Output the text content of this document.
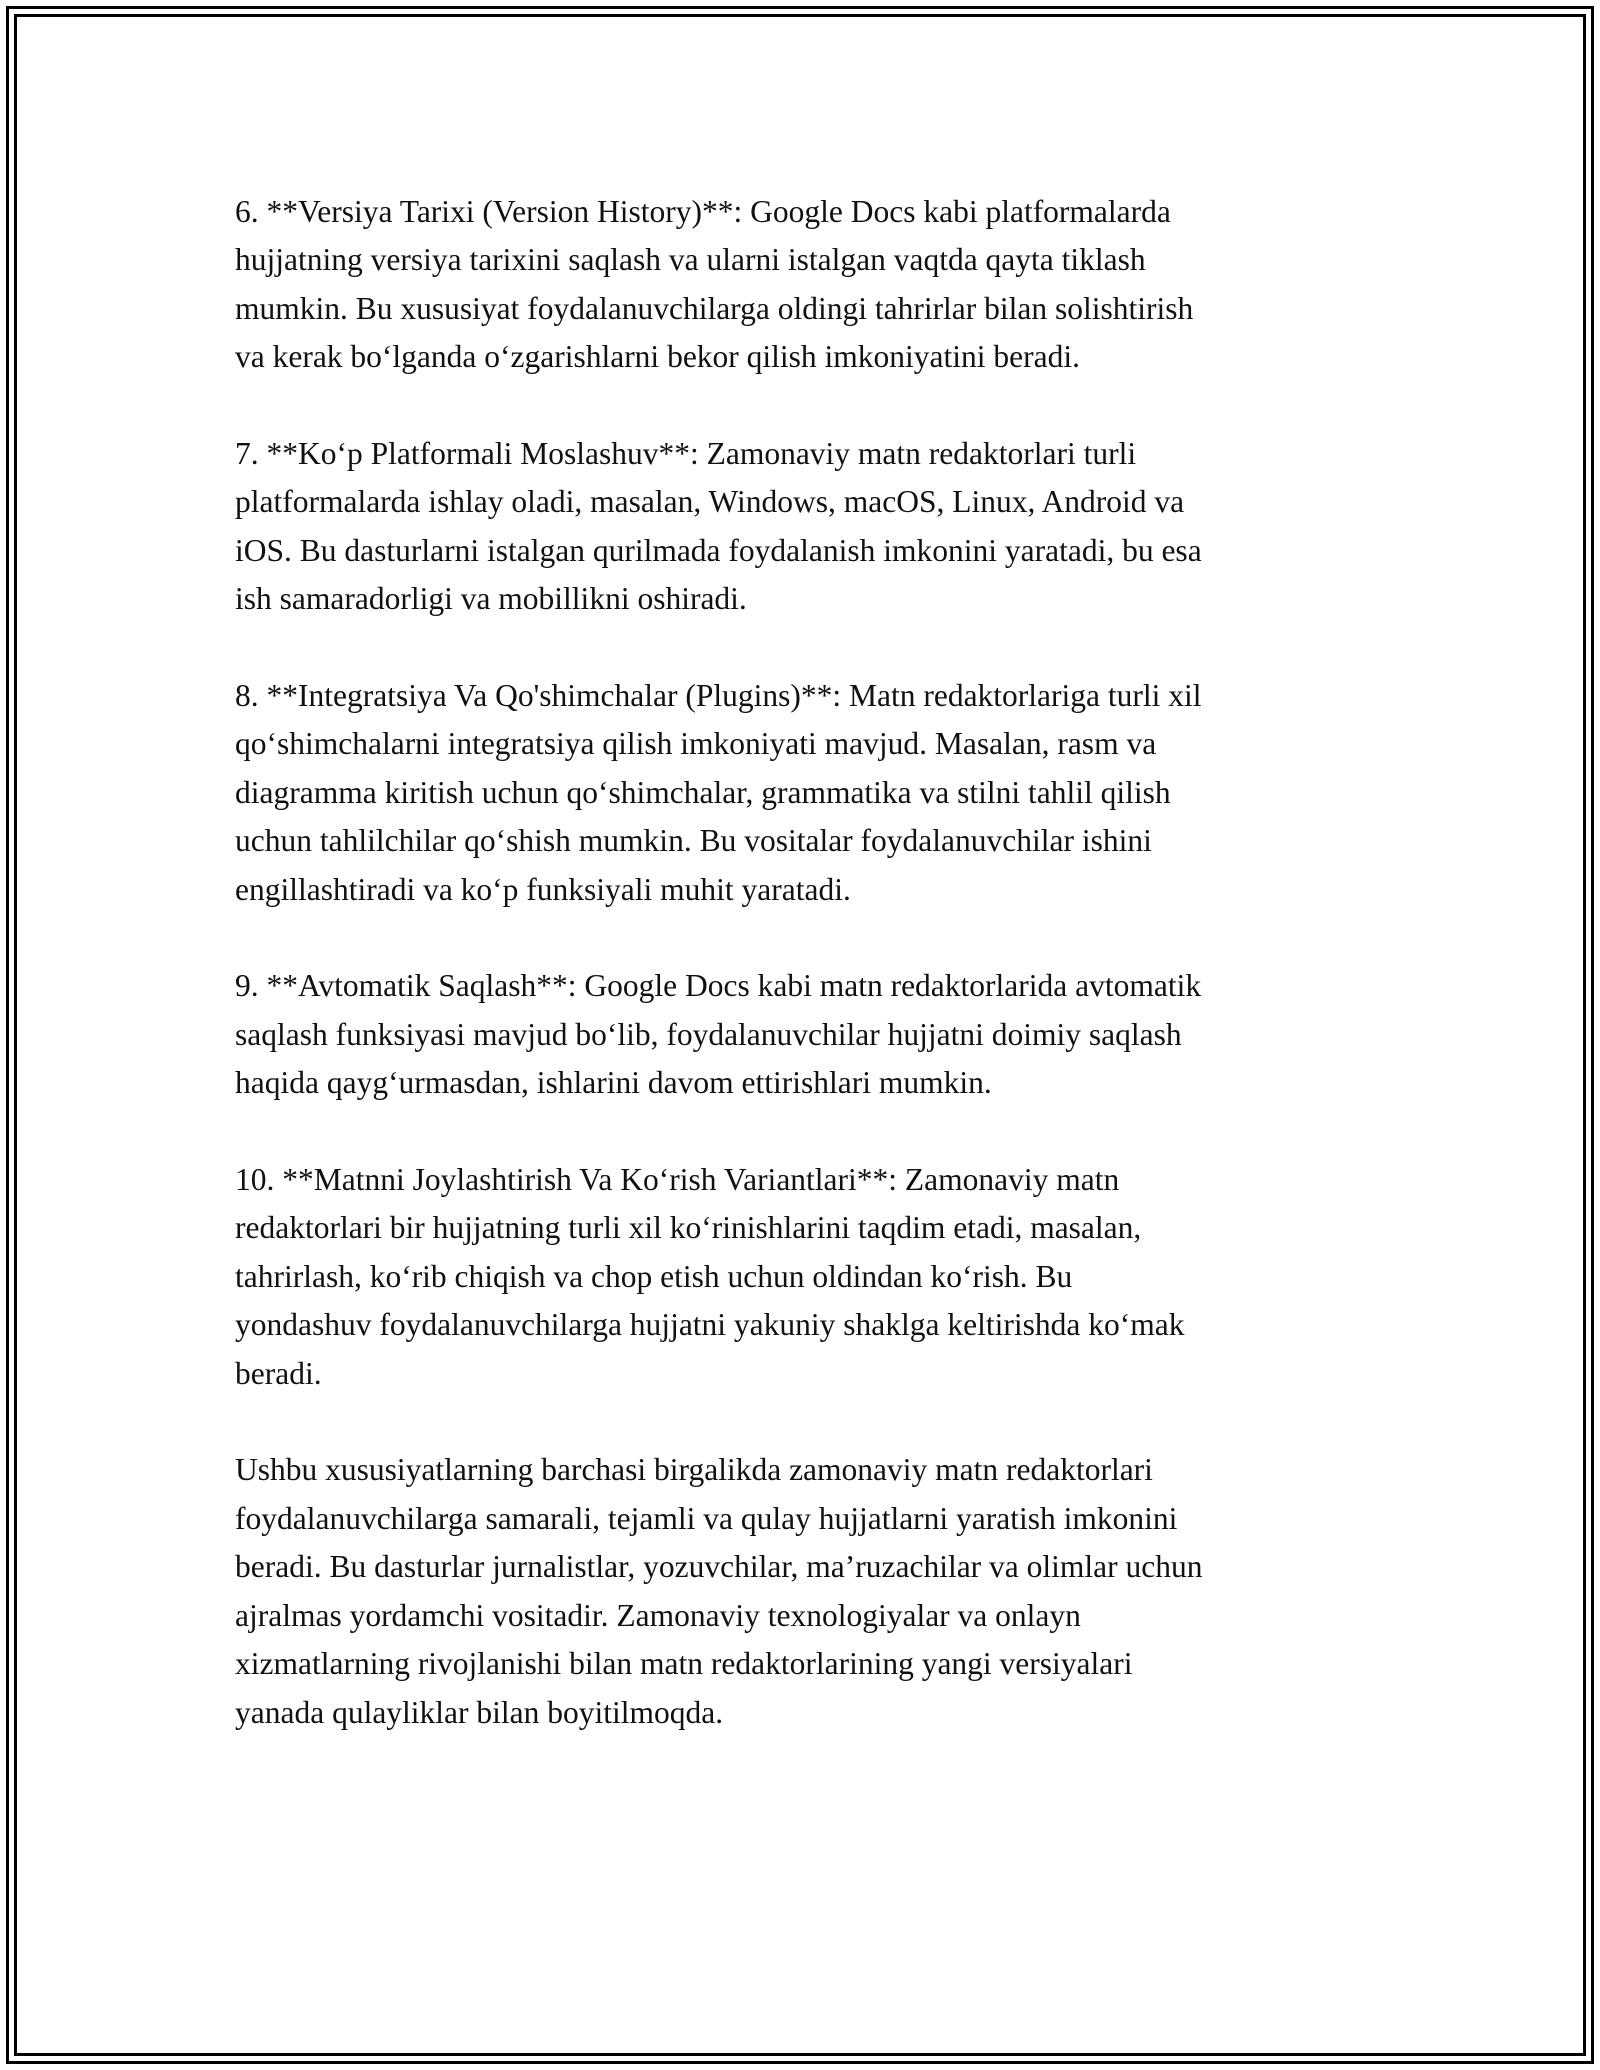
6. **Versiya Tarixi (Version History)**: Google Docs kabi platformalarda
hujjatning versiya tarixini saqlash va ularni istalgan vaqtda qayta tiklash
mumkin. Bu xususiyat foydalanuvchilarga oldingi tahrirlar bilan solishtirish
va kerak bo‘lganda o‘zgarishlarni bekor qilish imkoniyatini beradi.

7. **Ko‘p Platformali Moslashuv**: Zamonaviy matn redaktorlari turli
platformalarda ishlay oladi, masalan, Windows, macOS, Linux, Android va
iOS. Bu dasturlarni istalgan qurilmada foydalanish imkonini yaratadi, bu esa
ish samaradorligi va mobillikni oshiradi.

8. **Integratsiya Va Qo'shimchalar (Plugins)**: Matn redaktorlariga turli xil
qo‘shimchalarni integratsiya qilish imkoniyati mavjud. Masalan, rasm va
diagramma kiritish uchun qo‘shimchalar, grammatika va stilni tahlil qilish
uchun tahlilchilar qo‘shish mumkin. Bu vositalar foydalanuvchilar ishini
engillashtiradi va ko‘p funksiyali muhit yaratadi.

9. **Avtomatik Saqlash**: Google Docs kabi matn redaktorlarida avtomatik
saqlash funksiyasi mavjud bo‘lib, foydalanuvchilar hujjatni doimiy saqlash
haqida qayg‘urmasdan, ishlarini davom ettirishlari mumkin.

10. **Matnni Joylashtirish Va Ko‘rish Variantlari**: Zamonaviy matn
redaktorlari bir hujjatning turli xil ko‘rinishlarini taqdim etadi, masalan,
tahrirlash, ko‘rib chiqish va chop etish uchun oldindan ko‘rish. Bu
yondashuv foydalanuvchilarga hujjatni yakuniy shaklga keltirishda ko‘mak
beradi.

Ushbu xususiyatlarning barchasi birgalikda zamonaviy matn redaktorlari
foydalanuvchilarga samarali, tejamli va qulay hujjatlarni yaratish imkonini
beradi. Bu dasturlar jurnalistlar, yozuvchilar, ma’ruzachilar va olimlar uchun
ajralmas yordamchi vositadir. Zamonaviy texnologiyalar va onlayn
xizmatlarning rivojlanishi bilan matn redaktorlarining yangi versiyalari
yanada qulayliklar bilan boyitilmoqda.
